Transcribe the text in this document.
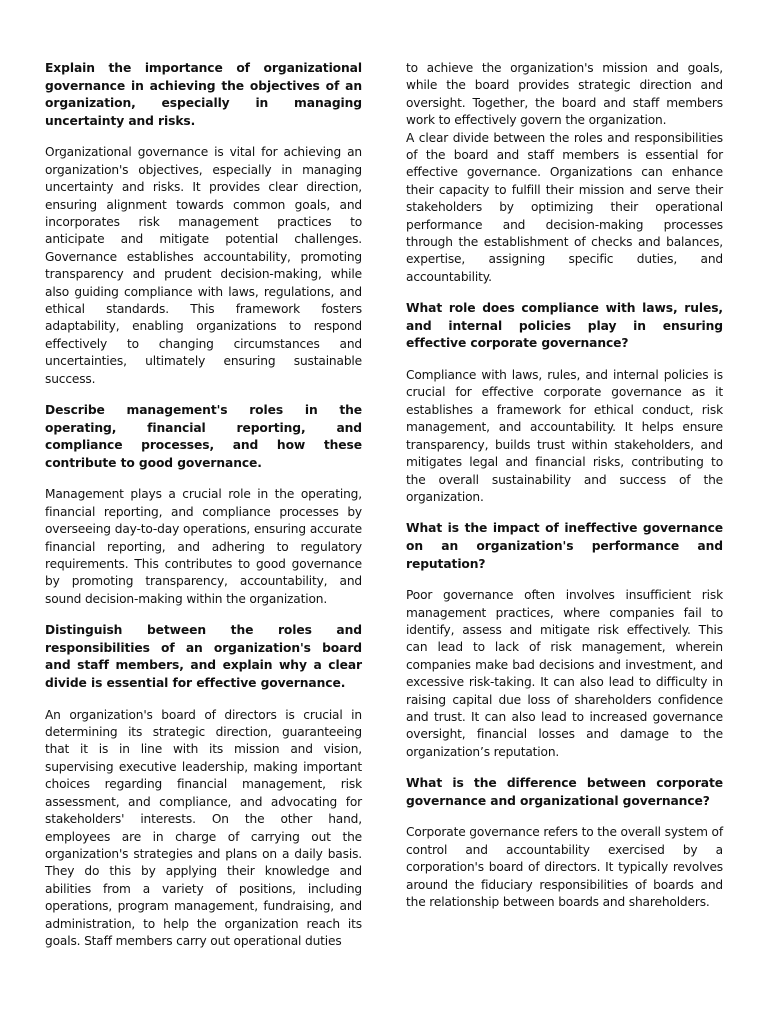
Explain the importance of organizational governance in achieving the objectives of an organization, especially in managing uncertainty and risks.

Organizational governance is vital for achieving an organization's objectives, especially in managing uncertainty and risks. It provides clear direction, ensuring alignment towards common goals, and incorporates risk management practices to anticipate and mitigate potential challenges. Governance establishes accountability, promoting transparency and prudent decision-making, while also guiding compliance with laws, regulations, and ethical standards. This framework fosters adaptability, enabling organizations to respond effectively to changing circumstances and uncertainties, ultimately ensuring sustainable success.

Describe management's roles in the operating, financial reporting, and compliance processes, and how these contribute to good governance.

Management plays a crucial role in the operating, financial reporting, and compliance processes by overseeing day-to-day operations, ensuring accurate financial reporting, and adhering to regulatory requirements. This contributes to good governance by promoting transparency, accountability, and sound decision-making within the organization.

Distinguish between the roles and responsibilities of an organization's board and staff members, and explain why a clear divide is essential for effective governance.

An organization's board of directors is crucial in determining its strategic direction, guaranteeing that it is in line with its mission and vision, supervising executive leadership, making important choices regarding financial management, risk assessment, and compliance, and advocating for stakeholders' interests. On the other hand, employees are in charge of carrying out the organization's strategies and plans on a daily basis. They do this by applying their knowledge and abilities from a variety of positions, including operations, program management, fundraising, and administration, to help the organization reach its goals. Staff members carry out operational duties

to achieve the organization's mission and goals, while the board provides strategic direction and oversight. Together, the board and staff members work to effectively govern the organization.

A clear divide between the roles and responsibilities of the board and staff members is essential for effective governance. Organizations can enhance their capacity to fulfill their mission and serve their stakeholders by optimizing their operational performance and decision-making processes through the establishment of checks and balances, expertise, assigning specific duties, and accountability.

What role does compliance with laws, rules, and internal policies play in ensuring effective corporate governance?

Compliance with laws, rules, and internal policies is crucial for effective corporate governance as it establishes a framework for ethical conduct, risk management, and accountability. It helps ensure transparency, builds trust within stakeholders, and mitigates legal and financial risks, contributing to the overall sustainability and success of the organization.

What is the impact of ineffective governance on an organization's performance and reputation?

Poor governance often involves insufficient risk management practices, where companies fail to identify, assess and mitigate risk effectively. This can lead to lack of risk management, wherein companies make bad decisions and investment, and excessive risk-taking. It can also lead to difficulty in raising capital due loss of shareholders confidence and trust. It can also lead to increased governance oversight, financial losses and damage to the organization’s reputation.

What is the difference between corporate governance and organizational governance?

Corporate governance refers to the overall system of control and accountability exercised by a corporation's board of directors. It typically revolves around the fiduciary responsibilities of boards and the relationship between boards and shareholders.
